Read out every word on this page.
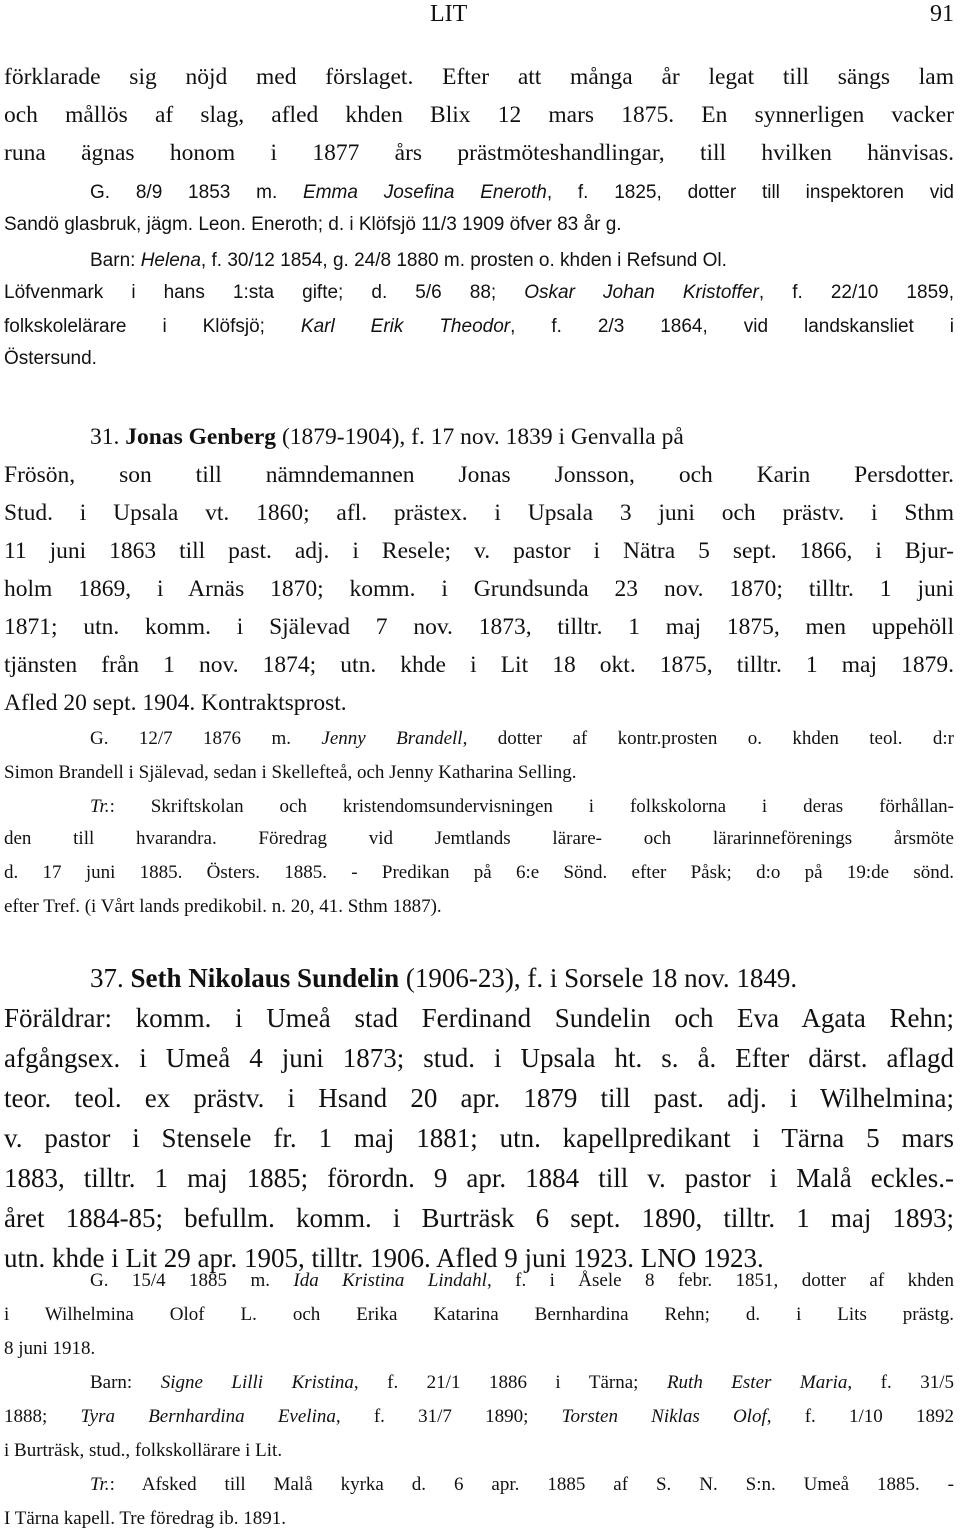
LIT	91

förklarade sig nöjd med förslaget. Efter att många år legat till sängs lam

och mållös af slag, afled khden Blix 12 mars 1875. En synnerligen vacker

runa ägnas honom i 1877 års prästmöteshandlingar, till hvilken hänvisas.

G. 8/9 1853 m. Emma Josefina Eneroth, f. 1825, dotter till inspektoren vid

Sandö glasbruk, jägm. Leon. Eneroth; d. i Klöfsjö 11/3 1909 öfver 83 år g.

Barn: Helena, f. 30/12 1854, g. 24/8 1880 m. prosten o. khden i Refsund Ol.

Löfvenmark i hans 1:sta gifte; d. 5/6 88; Oskar Johan Kristoffer, f. 22/10 1859,

folkskolelärare i Klöfsjö; Karl Erik Theodor, f. 2/3 1864, vid landskansliet i

Östersund.

31. Jonas Genberg (1879-1904), f. 17 nov. 1839 i Genvalla på

Frösön, son till nämndemannen Jonas Jonsson, och Karin Persdotter.

Stud. i Upsala vt. 1860; afl. prästex. i Upsala 3 juni och prästv. i Sthm

11 juni 1863 till past. adj. i Resele; v. pastor i Nätra 5 sept. 1866, i Bjur-

holm 1869, i Arnäs 1870; komm. i Grundsunda 23 nov. 1870; tilltr. 1 juni

1871; utn. komm. i Själevad 7 nov. 1873, tilltr. 1 maj 1875, men uppehöll

tjänsten från 1 nov. 1874; utn. khde i Lit 18 okt. 1875, tilltr. 1 maj 1879.

Afled 20 sept. 1904. Kontraktsprost.

G. 12/7 1876 m. Jenny Brandell, dotter af kontr.prosten o. khden teol. d:r

Simon Brandell i Själevad, sedan i Skellefteå, och Jenny Katharina Selling.

Tr.: Skriftskolan och kristendomsundervisningen i folkskolorna i deras förhållan-

den till hvarandra. Föredrag vid Jemtlands lärare- och lärarinneförenings årsmöte

d. 17 juni 1885. Östers. 1885. - Predikan på 6:e Sönd. efter Påsk; d:o på 19:de sönd.

efter Tref. (i Vårt lands predikobil. n. 20, 41. Sthm 1887).

37. Seth Nikolaus Sundelin (1906-23), f. i Sorsele 18 nov. 1849.

Föräldrar: komm. i Umeå stad Ferdinand Sundelin och Eva Agata Rehn;

afgångsex. i Umeå 4 juni 1873; stud. i Upsala ht. s. å. Efter därst. aflagd

teor. teol. ex prästv. i Hsand 20 apr. 1879 till past. adj. i Wilhelmina;

v. pastor i Stensele fr. 1 maj 1881; utn. kapellpredikant i Tärna 5 mars

1883, tilltr. 1 maj 1885; förordn. 9 apr. 1884 till v. pastor i Malå eckles.-

året 1884-85; befullm. komm. i Burträsk 6 sept. 1890, tilltr. 1 maj 1893;

utn. khde i Lit 29 apr. 1905, tilltr. 1906. Afled 9 juni 1923. LNO 1923.

G. 15/4 1885 m. Ida Kristina Lindahl, f. i Åsele 8 febr. 1851, dotter af khden

i Wilhelmina Olof L. och Erika Katarina Bernhardina Rehn; d. i Lits prästg.

8 juni 1918.

Barn: Signe Lilli Kristina, f. 21/1 1886 i Tärna; Ruth Ester Maria, f. 31/5

1888; Tyra Bernhardina Evelina, f. 31/7 1890; Torsten Niklas Olof, f. 1/10 1892

i Burträsk, stud., folkskollärare i Lit.

Tr.: Afsked till Malå kyrka d. 6 apr. 1885 af S. N. S:n. Umeå 1885. -

I Tärna kapell. Tre föredrag ib. 1891.
